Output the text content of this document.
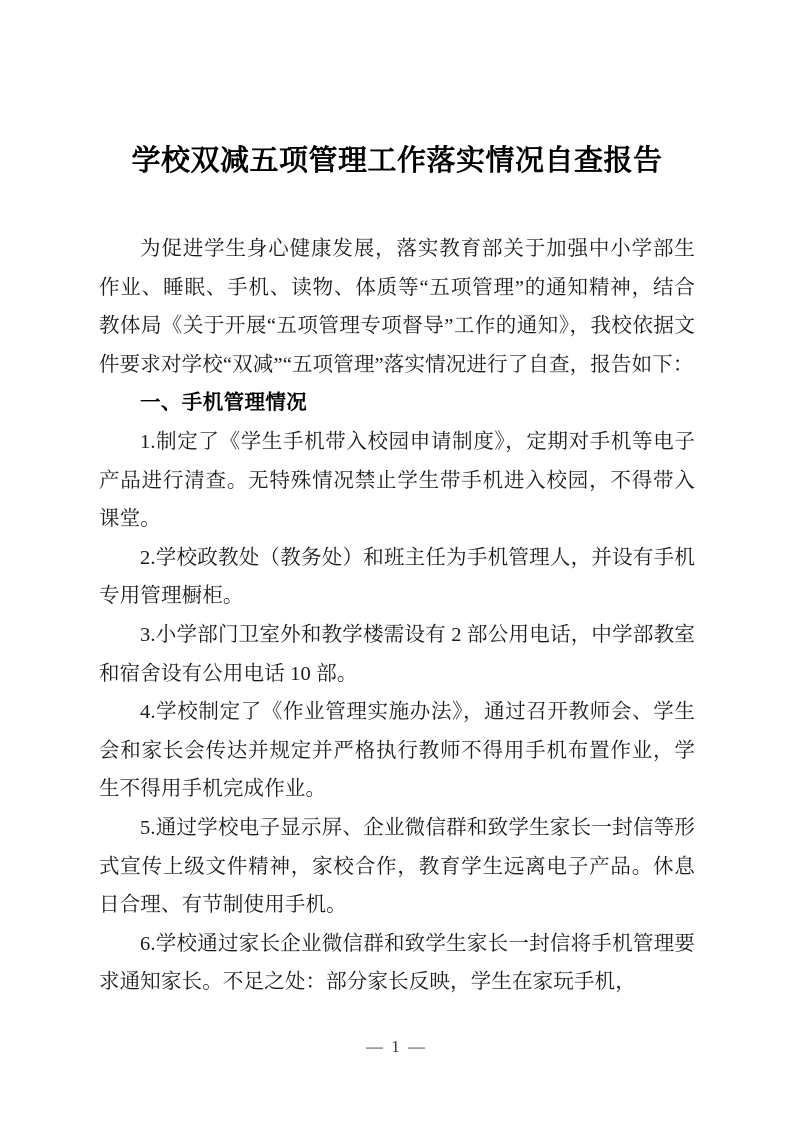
学校双减五项管理工作落实情况自查报告

为促进学生身心健康发展，落实教育部关于加强中小学部生作业、睡眠、手机、读物、体质等“五项管理”的通知精神，结合教体局《关于开展“五项管理专项督导”工作的通知》，我校依据文件要求对学校“双减”“五项管理”落实情况进行了自查，报告如下：

一、手机管理情况

1.制定了《学生手机带入校园申请制度》，定期对手机等电子产品进行清查。无特殊情况禁止学生带手机进入校园，不得带入课堂。

2.学校政教处（教务处）和班主任为手机管理人，并设有手机专用管理橱柜。

3.小学部门卫室外和教学楼需设有 2 部公用电话，中学部教室和宿舍设有公用电话 10 部。

4.学校制定了《作业管理实施办法》，通过召开教师会、学生会和家长会传达并规定并严格执行教师不得用手机布置作业，学生不得用手机完成作业。

5.通过学校电子显示屏、企业微信群和致学生家长一封信等形式宣传上级文件精神，家校合作，教育学生远离电子产品。休息日合理、有节制使用手机。

6.学校通过家长企业微信群和致学生家长一封信将手机管理要求通知家长。不足之处：部分家长反映，学生在家玩手机，

— 1 —
